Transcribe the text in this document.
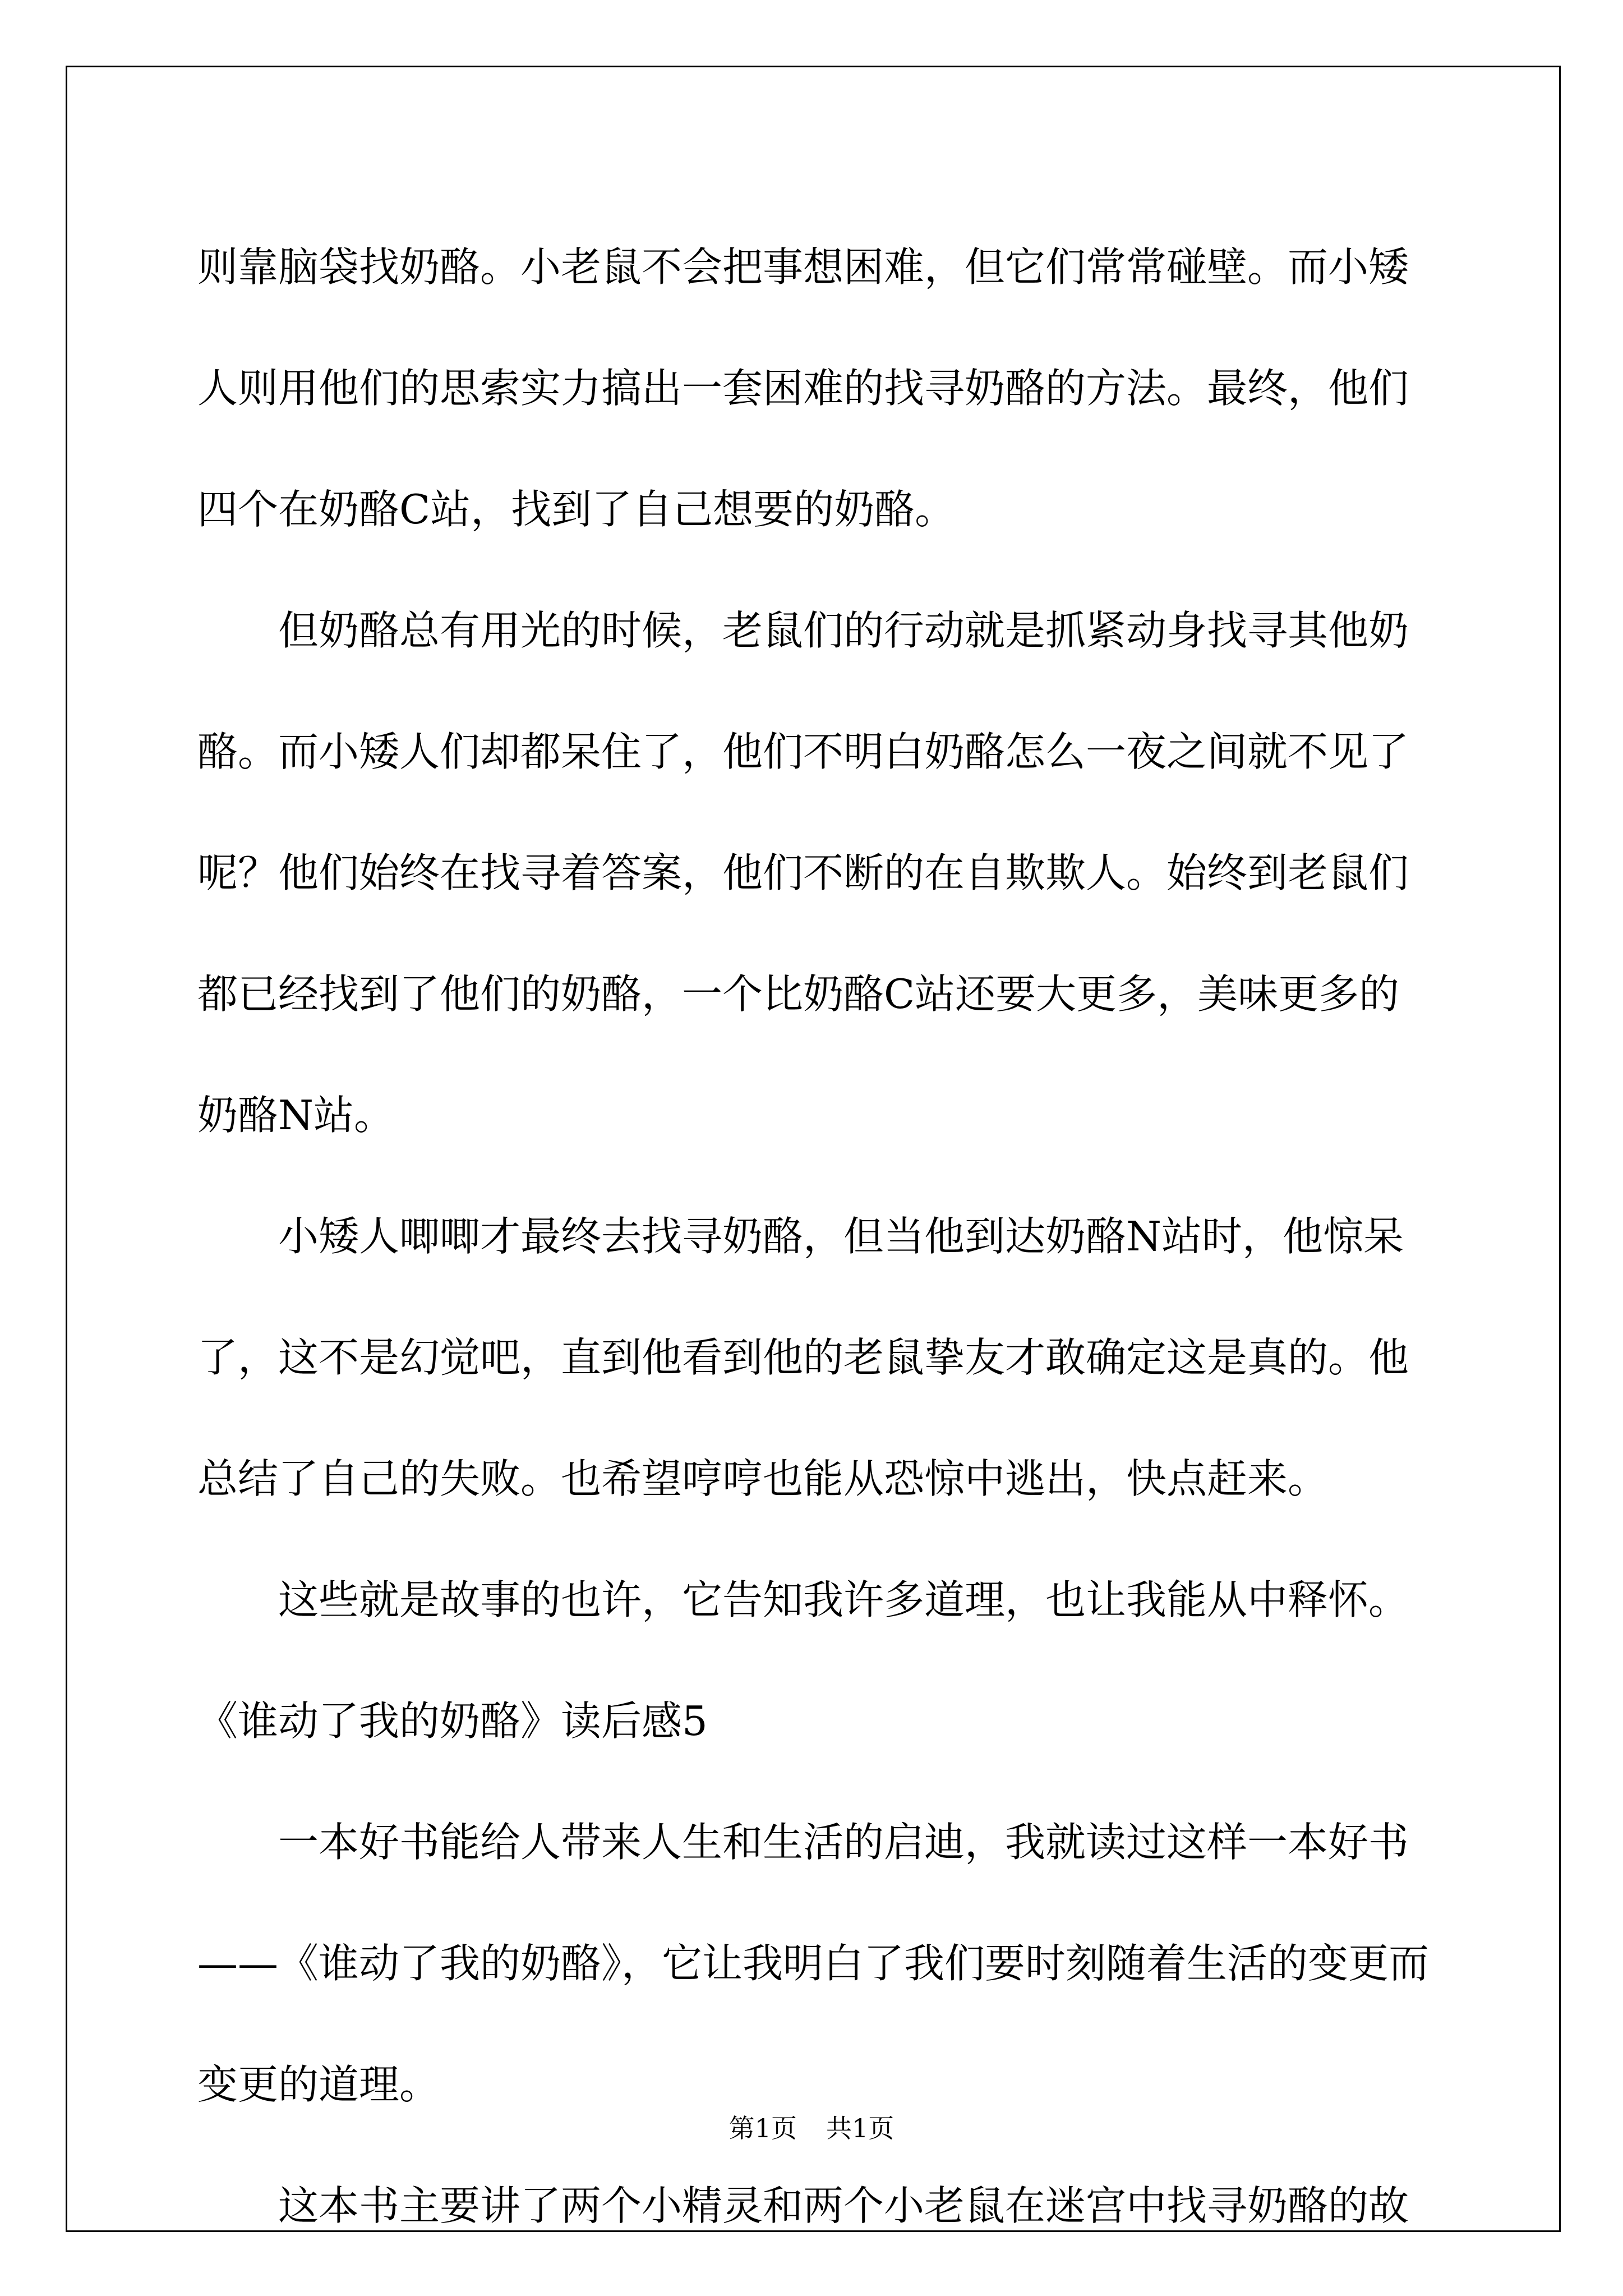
则靠脑袋找奶酪。小老鼠不会把事想困难，但它们常常碰壁。而小矮
人则用他们的思索实力搞出一套困难的找寻奶酪的方法。最终，他们
四个在奶酪C站，找到了自己想要的奶酪。
但奶酪总有用光的时候，老鼠们的行动就是抓紧动身找寻其他奶
酪。而小矮人们却都呆住了，他们不明白奶酪怎么一夜之间就不见了
呢？他们始终在找寻着答案，他们不断的在自欺欺人。始终到老鼠们
都已经找到了他们的奶酪，一个比奶酪C站还要大更多，美味更多的
奶酪N站。
小矮人唧唧才最终去找寻奶酪，但当他到达奶酪N站时，他惊呆
了，这不是幻觉吧，直到他看到他的老鼠挚友才敢确定这是真的。他
总结了自己的失败。也希望哼哼也能从恐惊中逃出，快点赶来。
这些就是故事的也许，它告知我许多道理，也让我能从中释怀。
《谁动了我的奶酪》读后感5
一本好书能给人带来人生和生活的启迪，我就读过这样一本好书
——《谁动了我的奶酪》，它让我明白了我们要时刻随着生活的变更而
变更的道理。
这本书主要讲了两个小精灵和两个小老鼠在迷宫中找寻奶酪的故
第1页 共1页
